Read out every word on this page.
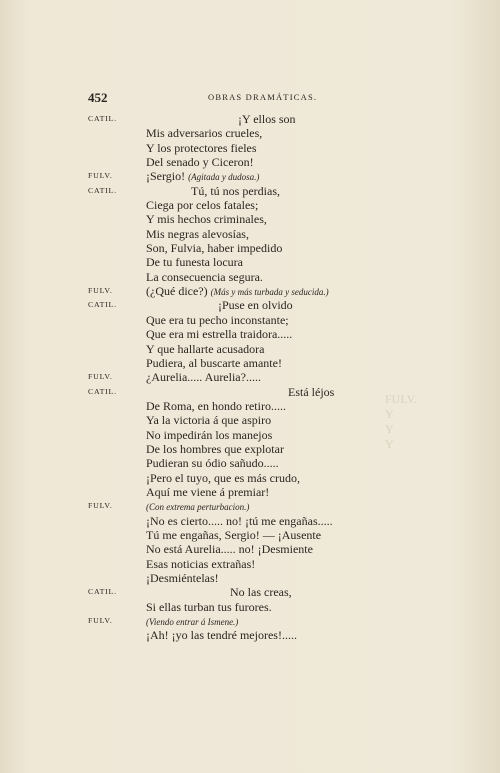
452	OBRAS DRAMÁTICAS.
CATIL.	¡Y ellos son
Mis adversarios crueles,
Y los protectores fieles
Del senado y Ciceron!
FULV.	¡Sergio! (Agitada y dudosa.)
CATIL.	Tú, tú nos perdias,
Ciega por celos fatales;
Y mis hechos criminales,
Mis negras alevosías,
Son, Fulvia, haber impedido
De tu funesta locura
La consecuencia segura.
FULV.	(¿Qué dice?) (Más y más turbada y seducida.)
CATIL.	¡Puse en olvido
Que era tu pecho inconstante;
Que era mi estrella traidora.....
Y que hallarte acusadora
Pudiera, al buscarte amante!
FULV.	¿Aurelia..... Aurelia?.....
CATIL.	Está léjos
De Roma, en hondo retiro.....
Ya la victoria á que aspiro
No impedirán los manejos
De los hombres que explotar
Pudieran su ódio sañudo.....
¡Pero el tuyo, que es más crudo,
Aquí me viene á premiar!
FULV.	(Con extrema perturbacion.)
¡No es cierto..... no! ¡tú me engañas.....
Tú me engañas, Sergio! — ¡Ausente
No está Aurelia..... no! ¡Desmiente
Esas noticias extrañas!
¡Desmiéntelas!
CATIL.	No las creas,
Si ellas turban tus furores.
FULV.	(Viendo entrar á Ismene.)
¡Ah! ¡yo las tendré mejores!.....
FULV.
Y
Y
Y
